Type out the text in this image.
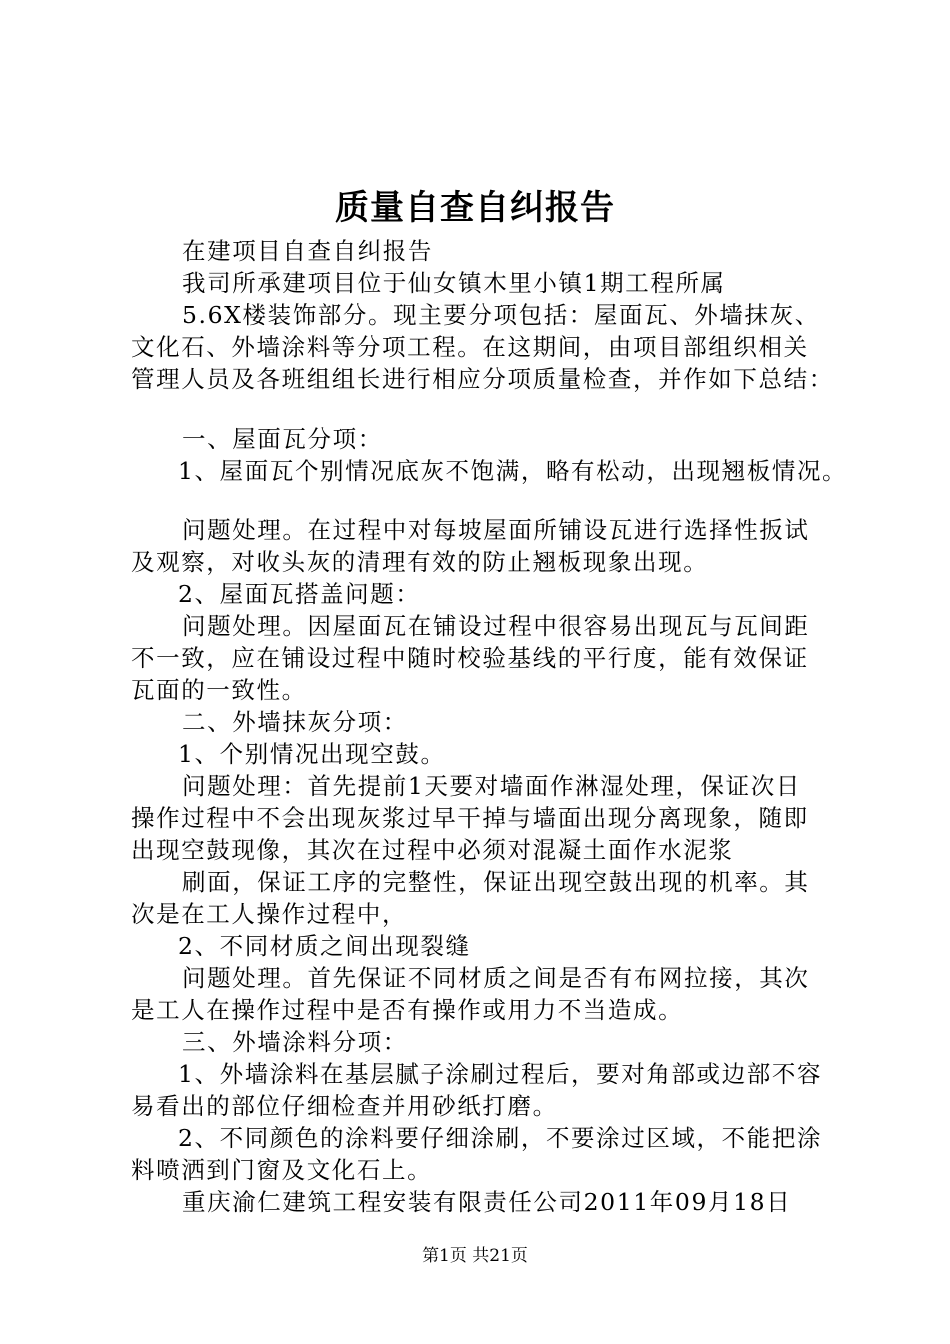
质量自查自纠报告
在建项目自查自纠报告
我司所承建项目位于仙女镇木里小镇1期工程所属
5.6X楼装饰部分。现主要分项包括：屋面瓦、外墙抹灰、
文化石、外墙涂料等分项工程。在这期间，由项目部组织相关
管理人员及各班组组长进行相应分项质量检查，并作如下总结：
一、屋面瓦分项：
1、屋面瓦个别情况底灰不饱满，略有松动，出现翘板情况。
问题处理。在过程中对每坡屋面所铺设瓦进行选择性扳试
及观察，对收头灰的清理有效的防止翘板现象出现。
2、屋面瓦搭盖问题：
问题处理。因屋面瓦在铺设过程中很容易出现瓦与瓦间距
不一致，应在铺设过程中随时校验基线的平行度，能有效保证
瓦面的一致性。
二、外墙抹灰分项：
1、个别情况出现空鼓。
问题处理：首先提前1天要对墙面作淋湿处理，保证次日
操作过程中不会出现灰浆过早干掉与墙面出现分离现象，随即
出现空鼓现像，其次在过程中必须对混凝土面作水泥浆
刷面，保证工序的完整性，保证出现空鼓出现的机率。其
次是在工人操作过程中，
2、不同材质之间出现裂缝
问题处理。首先保证不同材质之间是否有布网拉接，其次
是工人在操作过程中是否有操作或用力不当造成。
三、外墙涂料分项：
1、外墙涂料在基层腻子涂刷过程后，要对角部或边部不容
易看出的部位仔细检查并用砂纸打磨。
2、不同颜色的涂料要仔细涂刷，不要涂过区域，不能把涂
料喷洒到门窗及文化石上。
重庆渝仁建筑工程安装有限责任公司2011年09月18日
第1页 共21页
